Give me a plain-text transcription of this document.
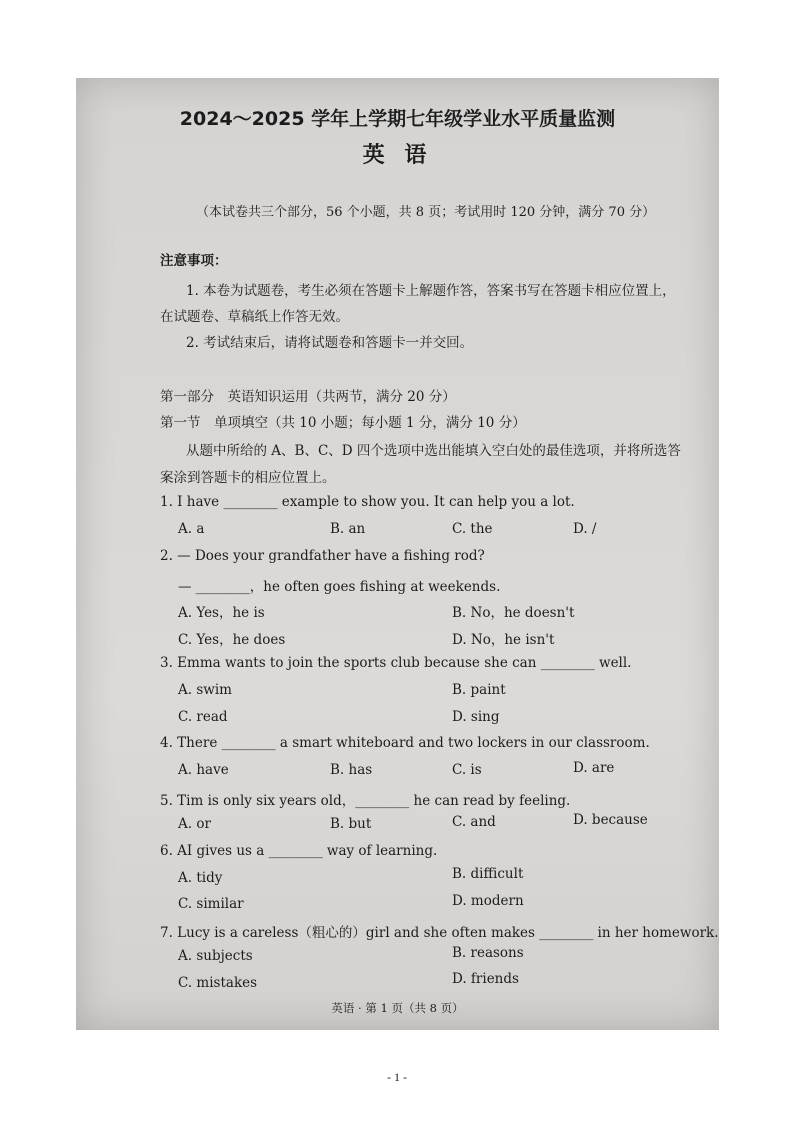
2024～2025 学年上学期七年级学业水平质量监测
英 语
（本试卷共三个部分，56 个小题，共 8 页；考试用时 120 分钟，满分 70 分）
注意事项：
1. 本卷为试题卷，考生必须在答题卡上解题作答，答案书写在答题卡相应位置上，
在试题卷、草稿纸上作答无效。
2. 考试结束后，请将试题卷和答题卡一并交回。
第一部分　英语知识运用（共两节，满分 20 分）
第一节　单项填空（共 10 小题；每小题 1 分，满分 10 分）
从题中所给的 A、B、C、D 四个选项中选出能填入空白处的最佳选项，并将所选答
案涂到答题卡的相应位置上。
1. I have ________ example to show you. It can help you a lot.
A. a	B. an	C. the	D. /
2. — Does your grandfather have a fishing rod?
— ________，he often goes fishing at weekends.
A. Yes，he is	B. No，he doesn't
C. Yes，he does	D. No，he isn't
3. Emma wants to join the sports club because she can ________ well.
A. swim	B. paint
C. read	D. sing
4. There ________ a smart whiteboard and two lockers in our classroom.
A. have	B. has	C. is	D. are
5. Tim is only six years old，________ he can read by feeling.
A. or	B. but	C. and	D. because
6. AI gives us a ________ way of learning.
A. tidy	B. difficult
C. similar	D. modern
7. Lucy is a careless（粗心的）girl and she often makes ________ in her homework.
A. subjects	B. reasons
C. mistakes	D. friends
英语 · 第 1 页（共 8 页）
- 1 -
